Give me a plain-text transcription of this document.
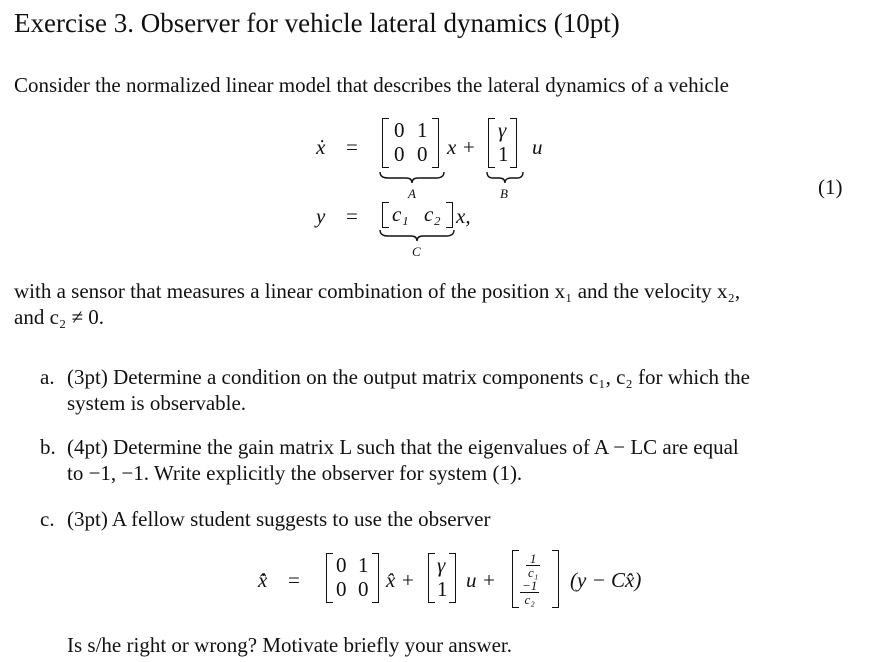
Exercise 3. Observer for vehicle lateral dynamics (10pt)
Consider the normalized linear model that describes the lateral dynamics of a vehicle
ẋ =
0 1
0 0 x +
γ
1 u
A	B	(1)
y = c₁ c₂ x,
C
with a sensor that measures a linear combination of the position x₁ and the velocity x₂,
and c₂ ≠ 0.
a. (3pt) Determine a condition on the output matrix components c₁, c₂ for which the
system is observable.
b. (4pt) Determine the gain matrix L such that the eigenvalues of A − LC are equal
to −1, −1. Write explicitly the observer for system (1).
c. (3pt) A fellow student suggests to use the observer
x̂̇ =
0 1
0 0 x̂ +
γ
1 u +
$\frac{1}{\text{c₁}}$
$\frac{-1}{\text{c₂}} (y$ − Cx̂)
Is s/he right or wrong? Motivate briefly your answer.
